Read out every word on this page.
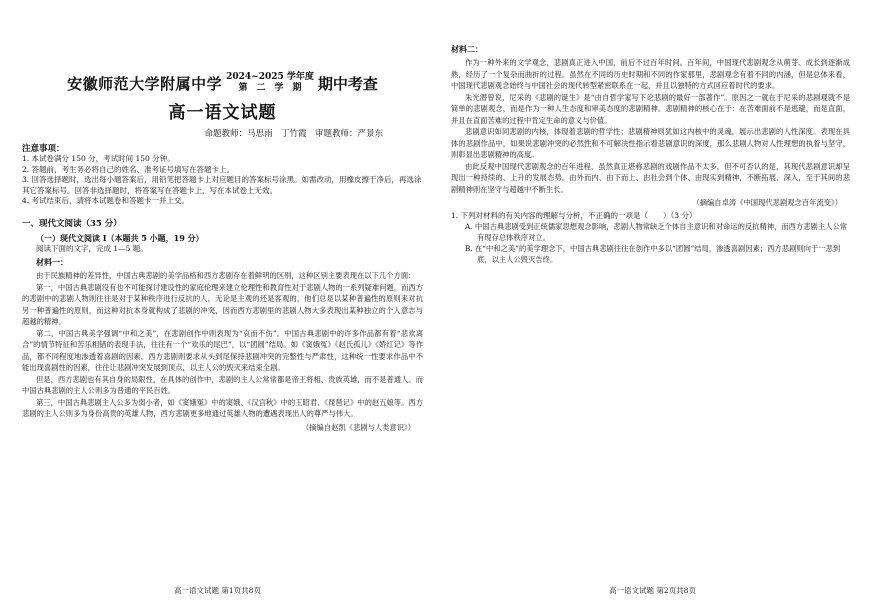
安徽师范大学附属中学 2024~2025 学年度
第　二　学　期	期中考查
高一语文试题
命题教师：马思雨　丁竹霞　审题教师：严景东
注意事项：
1. 本试卷满分 150 分，考试时间 150 分钟。
2. 答题前，考生务必将自己的姓名、准考证号填写在答题卡上。
3. 回答选择题时，选出每小题答案后，用铅笔把答题卡上对应题目的答案标号涂黑。如需改动，用橡皮擦干净后，再选涂其它答案标号。回答非选择题时，将答案写在答题卡上，写在本试卷上无效。
4. 考试结束后，请将本试题卷和答题卡一并上交。
一、现代文阅读（35 分）
（一）现代文阅读 I（本题共 5 小题，19 分）
阅读下面的文字，完成 1—5 题。
材料一：

由于民族精神的差异性，中国古典悲剧的美学品格和西方悲剧存在着鲜明的区别，这种区别主要表现在以下几个方面：

第一，中国古典悲剧没有也不可能探讨建设性的家庭伦理来建立伦理性和教育性对于悲剧人物的一系列疑难问题，而西方的悲剧中的悲剧人物则往往是对于某种秩序进行反抗的人，无论是主观的还是客观的，他们总是以某种普遍性的原则来对抗另一种普遍性的原则，而这种对抗本身就构成了悲剧的冲突，因而西方悲剧里的悲剧人物大多表现出某种独立的个人意志与超越的精神。

第二，中国古典美学强调“中和之美”，在悲剧创作中则表现为“哀而不伤”。中国古典悲剧中的许多作品都有着“悲欢离合”的情节特征和苦乐相错的表现手法，往往有一个“欢乐的尾巴”，以“团圆”结局。如《窦娥冤》《赵氏孤儿》《娇红记》等作品，都不同程度地渗透着喜剧的因素。西方悲剧则要求从头到尾保持悲剧冲突的完整性与严肃性，这种统一性要求作品中不能出现喜剧性的因素，往往让悲剧冲突发展到顶点，以主人公的毁灭来结束全剧。

但是，西方悲剧也有其自身的局限性，在具体的创作中，悲剧的主人公常常都是帝王将相、贵族英雄，而不是普通人。而中国古典悲剧的主人公则多为普通的平民百姓。

第三，中国古典悲剧主人公多为弱小者，如《窦娥冤》中的窦娥、《汉宫秋》中的王昭君、《琵琶记》中的赵五娘等。西方悲剧的主人公则多为身份高贵的英雄人物，西方悲剧更多地通过英雄人物的遭遇表现出人的尊严与伟大。

（摘编自赵凯《悲剧与人类意识》）
高一语文试题 第1页共8页
材料二：

作为一种外来的文学观念，悲剧真正进入中国，前后不过百年时间。百年间，中国现代悲剧观念从萌芽、成长到逐渐成熟，经历了一个复杂而曲折的过程。虽然在不同的历史时期和不同的作家那里，悲剧观念有着不同的内涵，但是总体来看，中国现代悲剧观念始终与中国社会的现代转型紧密联系在一起，并且以独特的方式回应着时代的要求。

朱光潜曾说，尼采的《悲剧的诞生》是“由自哲学家写下论悲剧的最好一部著作”。原因之一就在于尼采的悲剧观就不是简单的悲剧观念，而是作为一种人生态度和审美态度的悲剧精神。悲剧精神的核心在于：在苦难面前不是逃避，而是直面，并且在直面苦难的过程中肯定生命的意义与价值。

悲剧意识如同悲剧的内核，体现着悲剧的哲学性；悲剧精神则犹如这内核中的灵魂，展示出悲剧的人性深度。表现在具体的悲剧作品中，如果说悲剧冲突的必然性和不可解决性指示着悲剧意识的深度，那么悲剧人物对人性理想的执着与坚守，则彰显出悲剧精神的高度。

由此反观中国现代悲剧观念的百年进程，虽然真正堪称悲剧的戏剧作品不太多，但不可否认的是，其现代悲剧意识却呈现出一种持续的、上升的发展态势。由外而内、由下而上、由社会到个体、由现实到精神，不断拓展、深入，至于其间的悲剧精神则在坚守与超越中不断生长。

（摘编自卓涛《中国现代悲剧观念百年流变》）
1. 下列对材料的有关内容的理解与分析，不正确的一项是（　　）（3 分）

A. 中国古典悲剧受到正统儒家思想观念影响，悲剧人物常缺乏个体自主意识和对命运的反抗精神，而西方悲剧主人公常有现存总体秩序对立。

B. 在“中和之美”的美学理念下，中国古典悲剧往往在创作中多以“团圆”结局，渗透喜剧因素；西方悲剧则向于一悲到底，以主人公毁灭告终。

高一语文试题 第2页共8页
